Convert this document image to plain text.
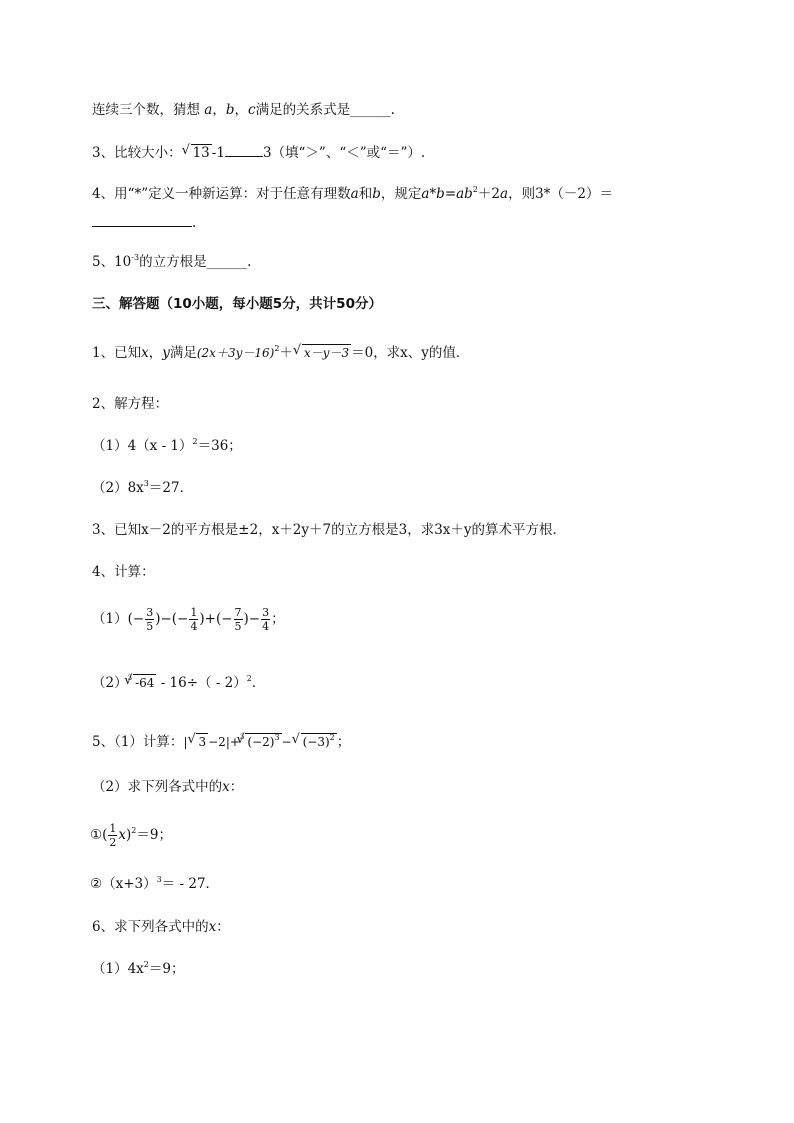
连续三个数，猜想 a，b，c满足的关系式是______.
3、比较大小：√ 13 -1	3（填“＞”、“＜”或“＝”）.
4、用“*”定义一种新运算：对于任意有理数a和b，规定$a*b=ab^2+2a$，则3*（－2）＝
.
5、$10^{-3}$的立方根是______.
三、解答题（10小题，每小题5分，共计50分）
1、已知x，y满足$(2x+3y-16)^2+√$ x－y－3 ＝0，求x、y的值．
2、解方程：
（1）4（x - 1）$^2$＝36；
$(2)8x^3=27$．
3、已知x－2的平方根是±2，x＋2y＋7的立方根是3，求3x＋y的算术平方根．
4、计算：
$(1)(- \frac{3}{5}$ )−(− $\frac{1}{4}$ )+(− $\frac{7}{5}$ )− $\frac{3}{4}$ ；
$(2)^3√$ -64 - 16÷（ - 2）$^2$．
5、（1）计算：|√ 3 −2|+$^3$√ $(-2)^3$ −√ $(-3)^2$ ；
（2）求下列各式中的x：
①( $\frac{1}{2} x)^2=9$；
$②(x+3)^3= - 27$．
6、求下列各式中的x：
$(1)4x^2=9$；
